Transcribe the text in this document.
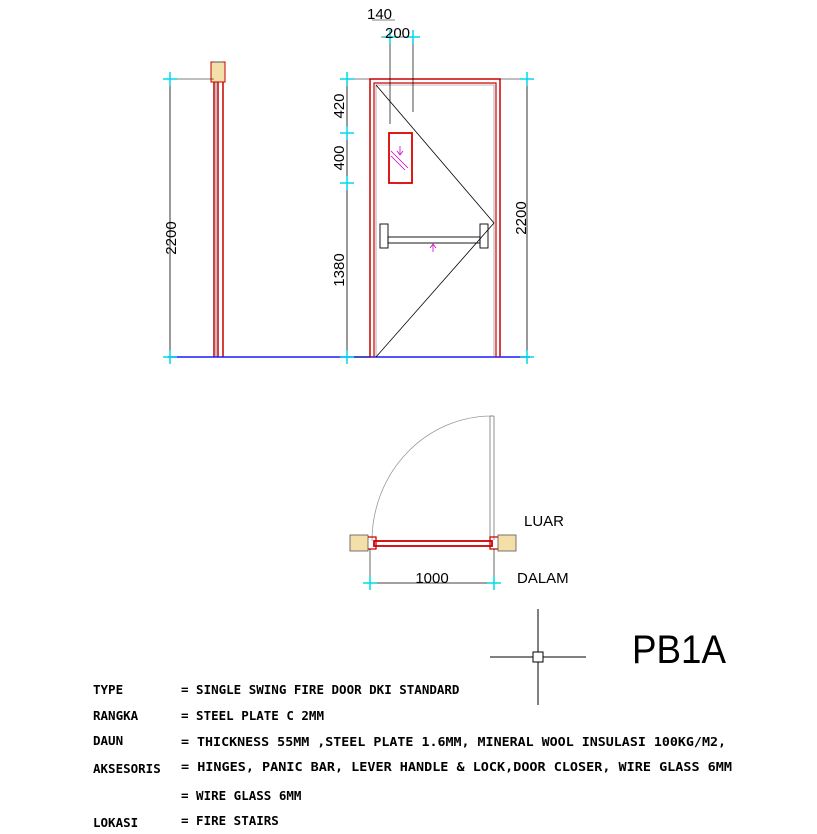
2200
140
200
420
400
1380
2200
1000
LUAR
DALAM
PB1A
TYPE	= SINGLE SWING FIRE DOOR DKI STANDARD
RANGKA	= STEEL PLATE C 2MM
DAUN	= THICKNESS 55MM ,STEEL PLATE 1.6MM, MINERAL WOOL INSULASI 100KG/M2,
AKSESORIS = HINGES, PANIC BAR, LEVER HANDLE & LOCK,DOOR CLOSER, WIRE GLASS 6MM
= WIRE GLASS 6MM
LOKASI	= FIRE STAIRS
